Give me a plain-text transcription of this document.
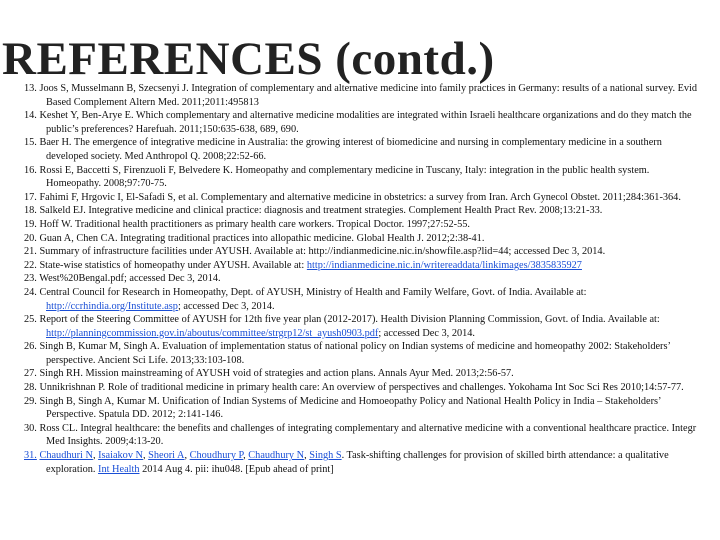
REFERENCES (contd.)

13. Joos S, Musselmann B, Szecsenyi J. Integration of complementary and alternative medicine into family practices in Germany: results of a national survey. Evid Based Complement Altern Med. 2011;2011:495813

14. Keshet Y, Ben-Arye E. Which complementary and alternative medicine modalities are integrated within Israeli healthcare organizations and do they match the public’s preferences? Harefuah. 2011;150:635-638, 689, 690.

15. Baer H. The emergence of integrative medicine in Australia: the growing interest of biomedicine and nursing in complementary medicine in a southern developed society. Med Anthropol Q. 2008;22:52-66.

16. Rossi E, Baccetti S, Firenzuoli F, Belvedere K. Homeopathy and complementary medicine in Tuscany, Italy: integration in the public health system. Homeopathy. 2008;97:70-75.

17. Fahimi F, Hrgovic I, El-Safadi S, et al. Complementary and alternative medicine in obstetrics: a survey from Iran. Arch Gynecol Obstet. 2011;284:361-364.

18. Salkeld EJ. Integrative medicine and clinical practice: diagnosis and treatment strategies. Complement Health Pract Rev. 2008;13:21-33.

19. Hoff W. Traditional health practitioners as primary health care workers. Tropical Doctor. 1997;27:52-55.

20. Guan A, Chen CA. Integrating traditional practices into allopathic medicine. Global Health J. 2012;2:38-41.

21. Summary of infrastructure facilities under AYUSH. Available at: http://indianmedicine.nic.in/showfile.asp?lid=44; accessed Dec 3, 2014.

22. State-wise statistics of homeopathy under AYUSH. Available at: http://indianmedicine.nic.in/writereaddata/linkimages/3835835927

23. West%20Bengal.pdf; accessed Dec 3, 2014.

24. Central Council for Research in Homeopathy, Dept. of AYUSH, Ministry of Health and Family Welfare, Govt. of India. Available at: http://ccrhindia.org/Institute.asp; accessed Dec 3, 2014.

25. Report of the Steering Committee of AYUSH for 12th five year plan (2012-2017). Health Division Planning Commission, Govt. of India. Available at: http://planningcommission.gov.in/aboutus/committee/strgrp12/st_ayush0903.pdf; accessed Dec 3, 2014.

26. Singh B, Kumar M, Singh A. Evaluation of implementation status of national policy on Indian systems of medicine and homeopathy 2002: Stakeholders’ perspective. Ancient Sci Life. 2013;33:103-108.

27. Singh RH. Mission mainstreaming of AYUSH void of strategies and action plans. Annals Ayur Med. 2013;2:56-57.

28. Unnikrishnan P. Role of traditional medicine in primary health care: An overview of perspectives and challenges. Yokohama Int Soc Sci Res 2010;14:57-77.

29. Singh B, Singh A, Kumar M. Unification of Indian Systems of Medicine and Homoeopathy Policy and National Health Policy in India – Stakeholders’ Perspective. Spatula DD. 2012; 2:141-146.

30. Ross CL. Integral healthcare: the benefits and challenges of integrating complementary and alternative medicine with a conventional healthcare practice. Integr Med Insights. 2009;4:13-20.

31. Chaudhuri N, Isaiakov N, Sheori A, Choudhury P, Chaudhury N, Singh S. Task-shifting challenges for provision of skilled birth attendance: a qualitative exploration. Int Health 2014 Aug 4. pii: ihu048. [Epub ahead of print]
